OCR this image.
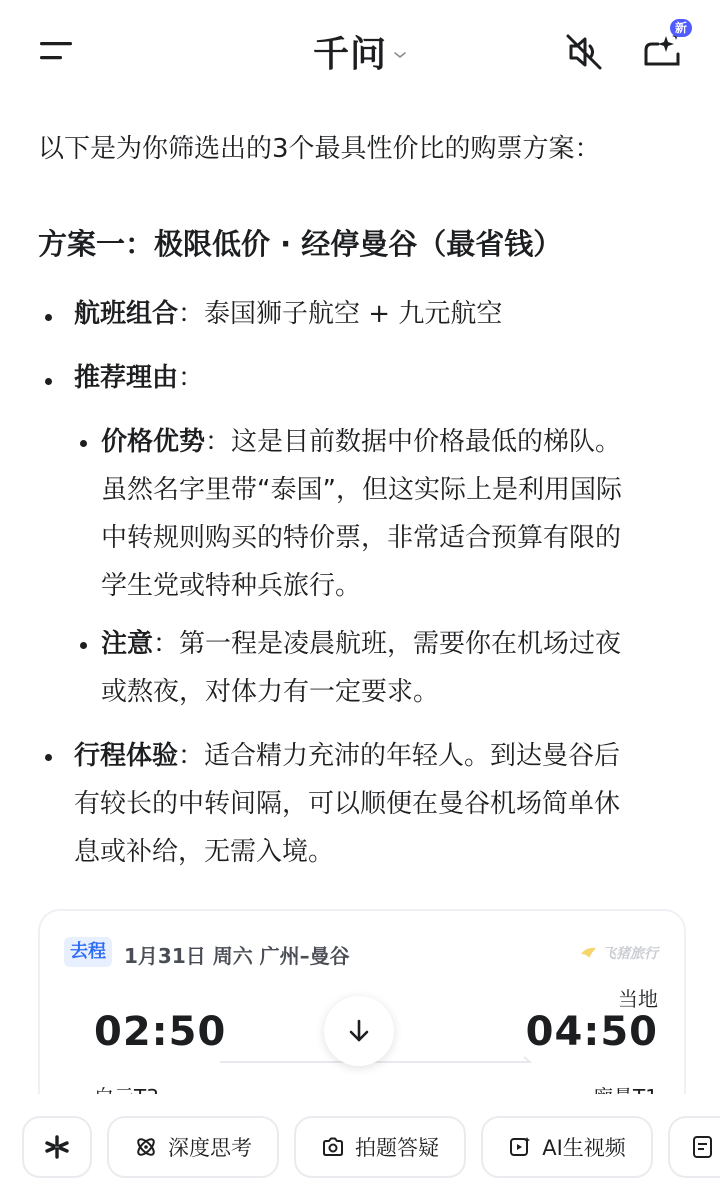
千问
新
以下是为你筛选出的3个最具性价比的购票方案：
方案一：极限低价 · 经停曼谷（最省钱）
航班组合：泰国狮子航空 + 九元航空
推荐理由：
价格优势：这是目前数据中价格最低的梯队。
虽然名字里带“泰国”，但这实际上是利用国际
中转规则购买的特价票，非常适合预算有限的
学生党或特种兵旅行。
注意：第一程是凌晨航班，需要你在机场过夜
或熬夜，对体力有一定要求。
行程体验：适合精力充沛的年轻人。到达曼谷后
有较长的中转间隔，可以顺便在曼谷机场简单休
息或补给，无需入境。
去程 1月31日 周六 广州–曼谷	飞猪旅行
当地
02:50	04:50
深度思考	拍题答疑	AI生视频
